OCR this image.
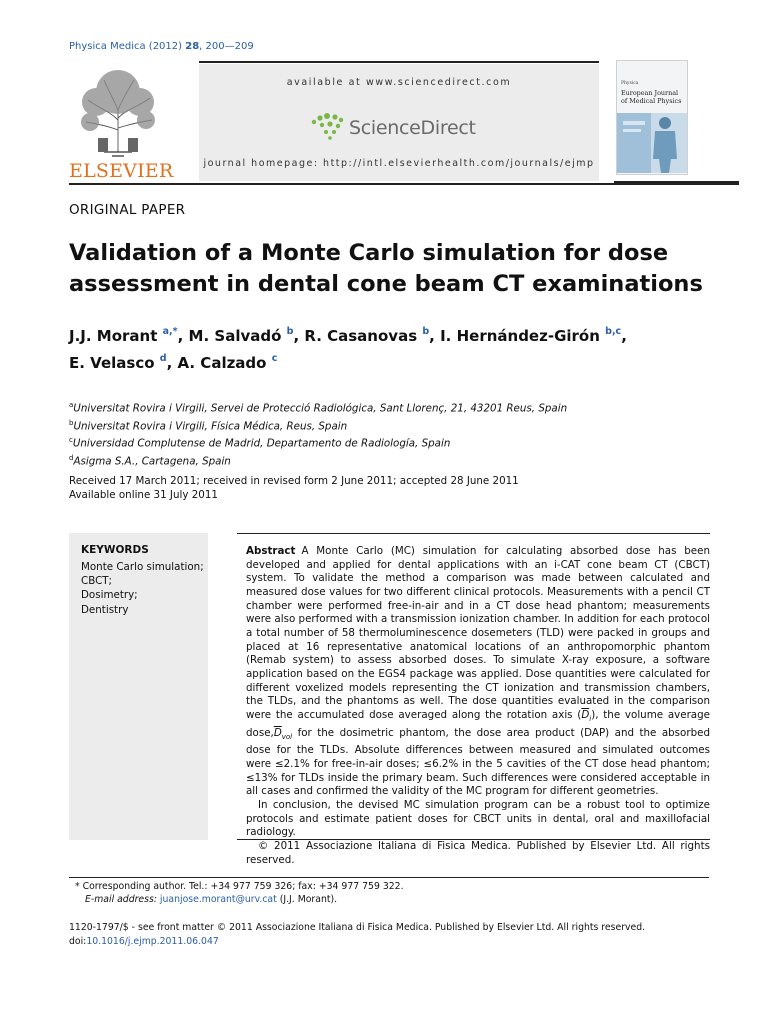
Physica Medica (2012) 28, 200—209
ELSEVIER
available at www.sciencedirect.com
ScienceDirect
journal homepage: http://intl.elsevierhealth.com/journals/ejmp
Physica
European Journal of Medical Physics
ORIGINAL PAPER
Validation of a Monte Carlo simulation for dose assessment in dental cone beam CT examinations
J.J. Morant $^{a,*}$, M. Salvadó $^b$, R. Casanovas $^b$, I. Hernández-Girón $^{b,c}$,
E. Velasco $^d$, A. Calzado $^c$
$^a$Universitat Rovira i Virgili, Servei de Protecció Radiológica, Sant Llorenç, 21, 43201 Reus, Spain
$^b$Universitat Rovira i Virgili, Física Médica, Reus, Spain
$^c$Universidad Complutense de Madrid, Departamento de Radiología, Spain
$^d$Asigma S.A., Cartagena, Spain
Received 17 March 2011; received in revised form 2 June 2011; accepted 28 June 2011
Available online 31 July 2011
KEYWORDS
Monte Carlo simulation;
CBCT;
Dosimetry;
Dentistry

Abstract A Monte Carlo (MC) simulation for calculating absorbed dose has been developed and applied for dental applications with an i-CAT cone beam CT (CBCT) system. To validate the method a comparison was made between calculated and measured dose values for two different clinical protocols. Measurements with a pencil CT chamber were performed free-in-air and in a CT dose head phantom; measurements were also performed with a transmission ionization chamber. In addition for each protocol a total number of 58 thermoluminescence dosemeters (TLD) were packed in groups and placed at 16 representative anatomical locations of an anthropomorphic phantom (Remab system) to assess absorbed doses. To simulate X-ray exposure, a software application based on the EGS4 package was applied. Dose quantities were calculated for different voxelized models representing the CT ionization and transmission chambers, the TLDs, and the phantoms as well. The dose quantities evaluated in the comparison were the accumulated dose averaged along the rotation axis $(\overline{D}_i)$, the volume average $dose,\overline{D}_{vol}$ for the dosimetric phantom, the dose area product (DAP) and the absorbed dose for the TLDs. Absolute differences between measured and simulated outcomes were ≤2.1% for free-in-air doses; ≤6.2% in the 5 cavities of the CT dose head phantom; ≤13% for TLDs inside the primary beam. Such differences were considered acceptable in all cases and confirmed the validity of the MC program for different geometries.

In conclusion, the devised MC simulation program can be a robust tool to optimize protocols and estimate patient doses for CBCT units in dental, oral and maxillofacial radiology.

© 2011 Associazione Italiana di Fisica Medica. Published by Elsevier Ltd. All rights reserved.

* Corresponding author. Tel.: +34 977 759 326; fax: +34 977 759 322.
E-mail address: juanjose.morant@urv.cat (J.J. Morant).
1120-1797/$ - see front matter © 2011 Associazione Italiana di Fisica Medica. Published by Elsevier Ltd. All rights reserved.
doi:10.1016/j.ejmp.2011.06.047
